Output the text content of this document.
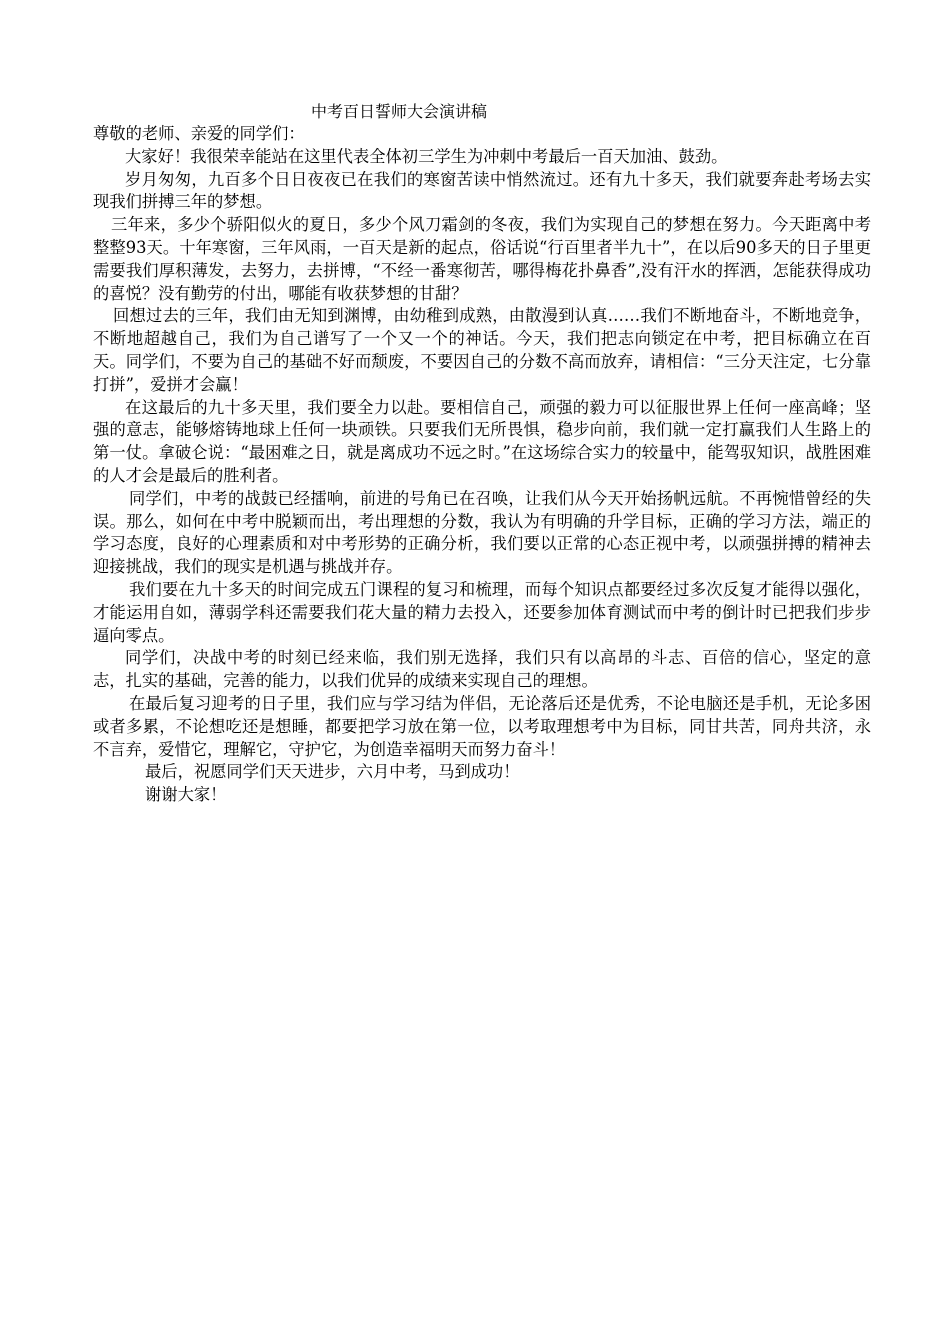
中考百日誓师大会演讲稿

尊敬的老师、亲爱的同学们：

大家好！我很荣幸能站在这里代表全体初三学生为冲刺中考最后一百天加油、鼓劲。

岁月匆匆，九百多个日日夜夜已在我们的寒窗苦读中悄然流过。还有九十多天，我们就要奔赴考场去实现我们拼搏三年的梦想。

三年来，多少个骄阳似火的夏日，多少个风刀霜剑的冬夜，我们为实现自己的梦想在努力。今天距离中考整整93天。十年寒窗，三年风雨，一百天是新的起点，俗话说“行百里者半九十”，在以后90多天的日子里更需要我们厚积薄发，去努力，去拼博，“不经一番寒彻苦，哪得梅花扑鼻香”,没有汗水的挥洒，怎能获得成功的喜悦？没有勤劳的付出，哪能有收获梦想的甘甜？

回想过去的三年，我们由无知到渊博，由幼稚到成熟，由散漫到认真……我们不断地奋斗，不断地竞争，不断地超越自己，我们为自己谱写了一个又一个的神话。今天，我们把志向锁定在中考，把目标确立在百天。同学们，不要为自己的基础不好而颓废，不要因自己的分数不高而放弃，请相信：“三分天注定，七分靠打拼”，爱拼才会赢！

在这最后的九十多天里，我们要全力以赴。要相信自己，顽强的毅力可以征服世界上任何一座高峰；坚强的意志，能够熔铸地球上任何一块顽铁。只要我们无所畏惧，稳步向前，我们就一定打赢我们人生路上的第一仗。拿破仑说：“最困难之日，就是离成功不远之时。”在这场综合实力的较量中，能驾驭知识，战胜困难的人才会是最后的胜利者。

同学们，中考的战鼓已经擂响，前进的号角已在召唤，让我们从今天开始扬帆远航。不再惋惜曾经的失误。那么，如何在中考中脱颖而出，考出理想的分数，我认为有明确的升学目标，正确的学习方法，端正的学习态度，良好的心理素质和对中考形势的正确分析，我们要以正常的心态正视中考，以顽强拼搏的精神去迎接挑战，我们的现实是机遇与挑战并存。

我们要在九十多天的时间完成五门课程的复习和梳理，而每个知识点都要经过多次反复才能得以强化，才能运用自如，薄弱学科还需要我们花大量的精力去投入，还要参加体育测试而中考的倒计时已把我们步步逼向零点。

同学们，决战中考的时刻已经来临，我们别无选择，我们只有以高昂的斗志、百倍的信心，坚定的意志，扎实的基础，完善的能力，以我们优异的成绩来实现自己的理想。

在最后复习迎考的日子里，我们应与学习结为伴侣，无论落后还是优秀，不论电脑还是手机，无论多困或者多累，不论想吃还是想睡，都要把学习放在第一位，以考取理想考中为目标，同甘共苦，同舟共济，永不言弃，爱惜它，理解它，守护它，为创造幸福明天而努力奋斗！

最后，祝愿同学们天天进步，六月中考，马到成功！

谢谢大家！
